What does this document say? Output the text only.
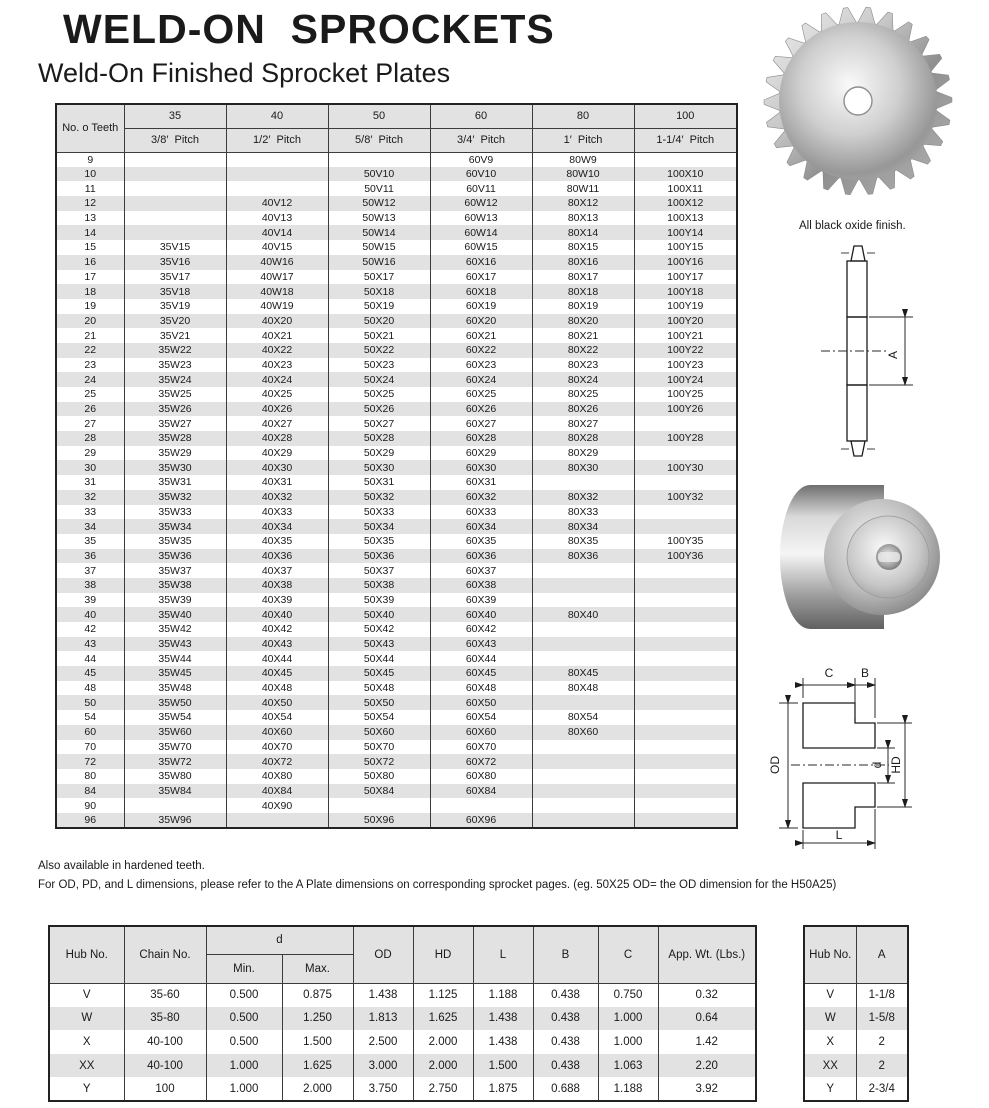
WELD-ON  SPROCKETS
Weld-On Finished Sprocket Plates
No. o Teeth	35	40	50	60	80	100
	3/8′  Pitch	1/2′  Pitch	5/8′  Pitch	3/4′  Pitch	1′  Pitch	1-1/4′  Pitch
9				60V9	80W9	
10			50V10	60V10	80W10	100X10
11			50V11	60V11	80W11	100X11
12		40V12	50W12	60W12	80X12	100X12
13		40V13	50W13	60W13	80X13	100X13
14		40V14	50W14	60W14	80X14	100Y14
15	35V15	40V15	50W15	60W15	80X15	100Y15
16	35V16	40W16	50W16	60X16	80X16	100Y16
17	35V17	40W17	50X17	60X17	80X17	100Y17
18	35V18	40W18	50X18	60X18	80X18	100Y18
19	35V19	40W19	50X19	60X19	80X19	100Y19
20	35V20	40X20	50X20	60X20	80X20	100Y20
21	35V21	40X21	50X21	60X21	80X21	100Y21
22	35W22	40X22	50X22	60X22	80X22	100Y22
23	35W23	40X23	50X23	60X23	80X23	100Y23
24	35W24	40X24	50X24	60X24	80X24	100Y24
25	35W25	40X25	50X25	60X25	80X25	100Y25
26	35W26	40X26	50X26	60X26	80X26	100Y26
27	35W27	40X27	50X27	60X27	80X27	
28	35W28	40X28	50X28	60X28	80X28	100Y28
29	35W29	40X29	50X29	60X29	80X29	
30	35W30	40X30	50X30	60X30	80X30	100Y30
31	35W31	40X31	50X31	60X31		
32	35W32	40X32	50X32	60X32	80X32	100Y32
33	35W33	40X33	50X33	60X33	80X33	
34	35W34	40X34	50X34	60X34	80X34	
35	35W35	40X35	50X35	60X35	80X35	100Y35
36	35W36	40X36	50X36	60X36	80X36	100Y36
37	35W37	40X37	50X37	60X37		
38	35W38	40X38	50X38	60X38		
39	35W39	40X39	50X39	60X39		
40	35W40	40X40	50X40	60X40	80X40	
42	35W42	40X42	50X42	60X42		
43	35W43	40X43	50X43	60X43		
44	35W44	40X44	50X44	60X44		
45	35W45	40X45	50X45	60X45	80X45	
48	35W48	40X48	50X48	60X48	80X48	
50	35W50	40X50	50X50	60X50		
54	35W54	40X54	50X54	60X54	80X54	
60	35W60	40X60	50X60	60X60	80X60	
70	35W70	40X70	50X70	60X70		
72	35W72	40X72	50X72	60X72		
80	35W80	40X80	50X80	60X80		
84	35W84	40X84	50X84	60X84		
90		40X90				
96	35W96		50X96	60X96		
All black oxide finish.
A
C B
OD	d HD
L
Also available in hardened teeth.
For OD, PD, and L dimensions, please refer to the A Plate dimensions on corresponding sprocket pages. (eg. 50X25 OD= the OD dimension for the H50A25)
Hub No.	Chain No.	d		OD	HD	L	B	C	App. Wt. (Lbs.)
		Min.	Max.						
V	35-60	0.500	0.875	1.438	1.125	1.188	0.438	0.750	0.32
W	35-80	0.500	1.250	1.813	1.625	1.438	0.438	1.000	0.64
X	40-100	0.500	1.500	2.500	2.000	1.438	0.438	1.000	1.42
XX	40-100	1.000	1.625	3.000	2.000	1.500	0.438	1.063	2.20
Y	100	1.000	2.000	3.750	2.750	1.875	0.688	1.188	3.92
Hub No.	A
V	1-1/8
W	1-5/8
X	2
XX	2
Y	2-3/4
